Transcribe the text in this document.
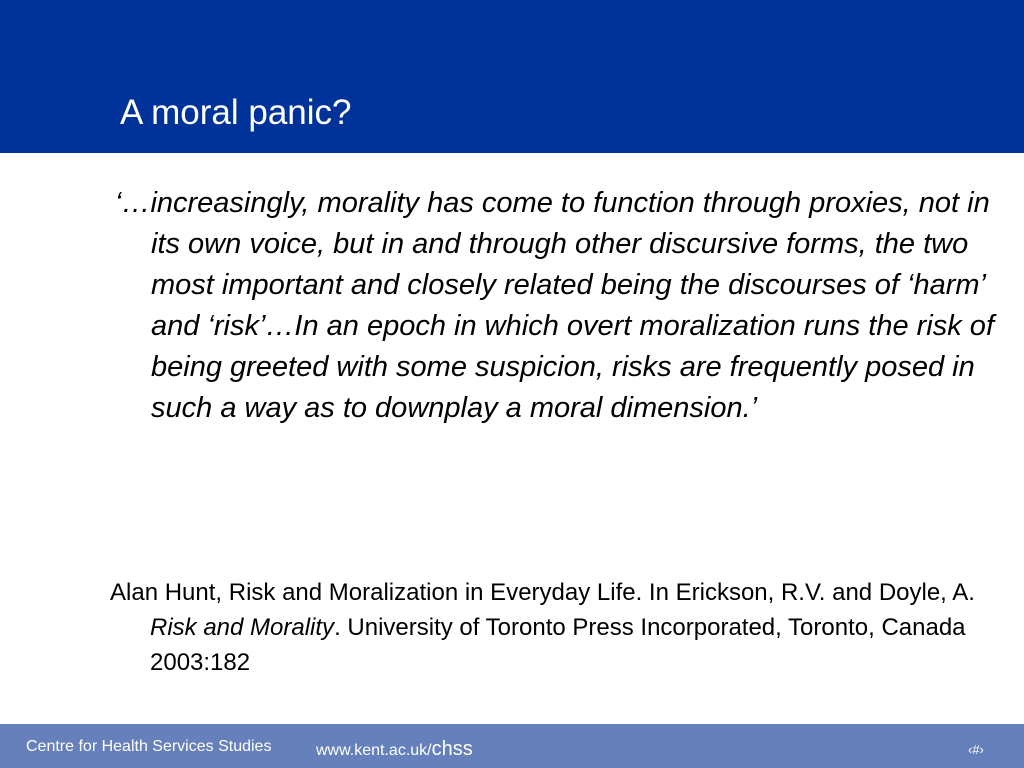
A moral panic?
‘…increasingly, morality has come to function through proxies, not in its own voice, but in and through other discursive forms, the two most important and closely related being the discourses of ‘harm’ and ‘risk’…In an epoch in which overt moralization runs the risk of being greeted with some suspicion, risks are frequently posed in such a way as to downplay a moral dimension.’
Alan Hunt, Risk and Moralization in Everyday Life. In Erickson, R.V. and Doyle, A. Risk and Morality. University of Toronto Press Incorporated, Toronto, Canada 2003:182
Centre for Health Services Studies	www.kent.ac.uk/chss	‹#›
